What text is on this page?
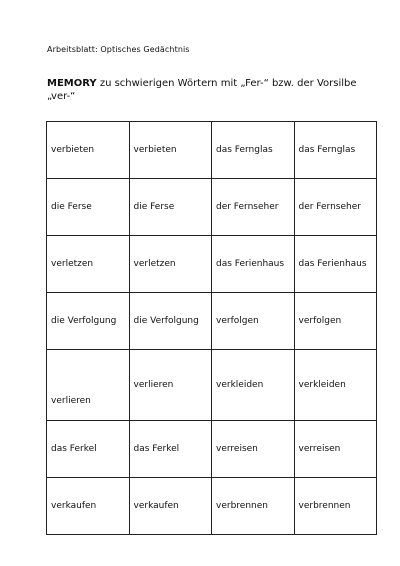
Arbeitsblatt: Optisches Gedächtnis
MEMORY zu schwierigen Wörtern mit „Fer-“ bzw. der Vorsilbe „ver-“
verbieten	verbieten	das Fernglas	das Fernglas
die Ferse	die Ferse	der Fernseher	der Fernseher
verletzen	verletzen	das Ferienhaus	das Ferienhaus
die Verfolgung	die Verfolgung	verfolgen	verfolgen
verlieren	verlieren	verkleiden	verkleiden
das Ferkel	das Ferkel	verreisen	verreisen
verkaufen	verkaufen	verbrennen	verbrennen
